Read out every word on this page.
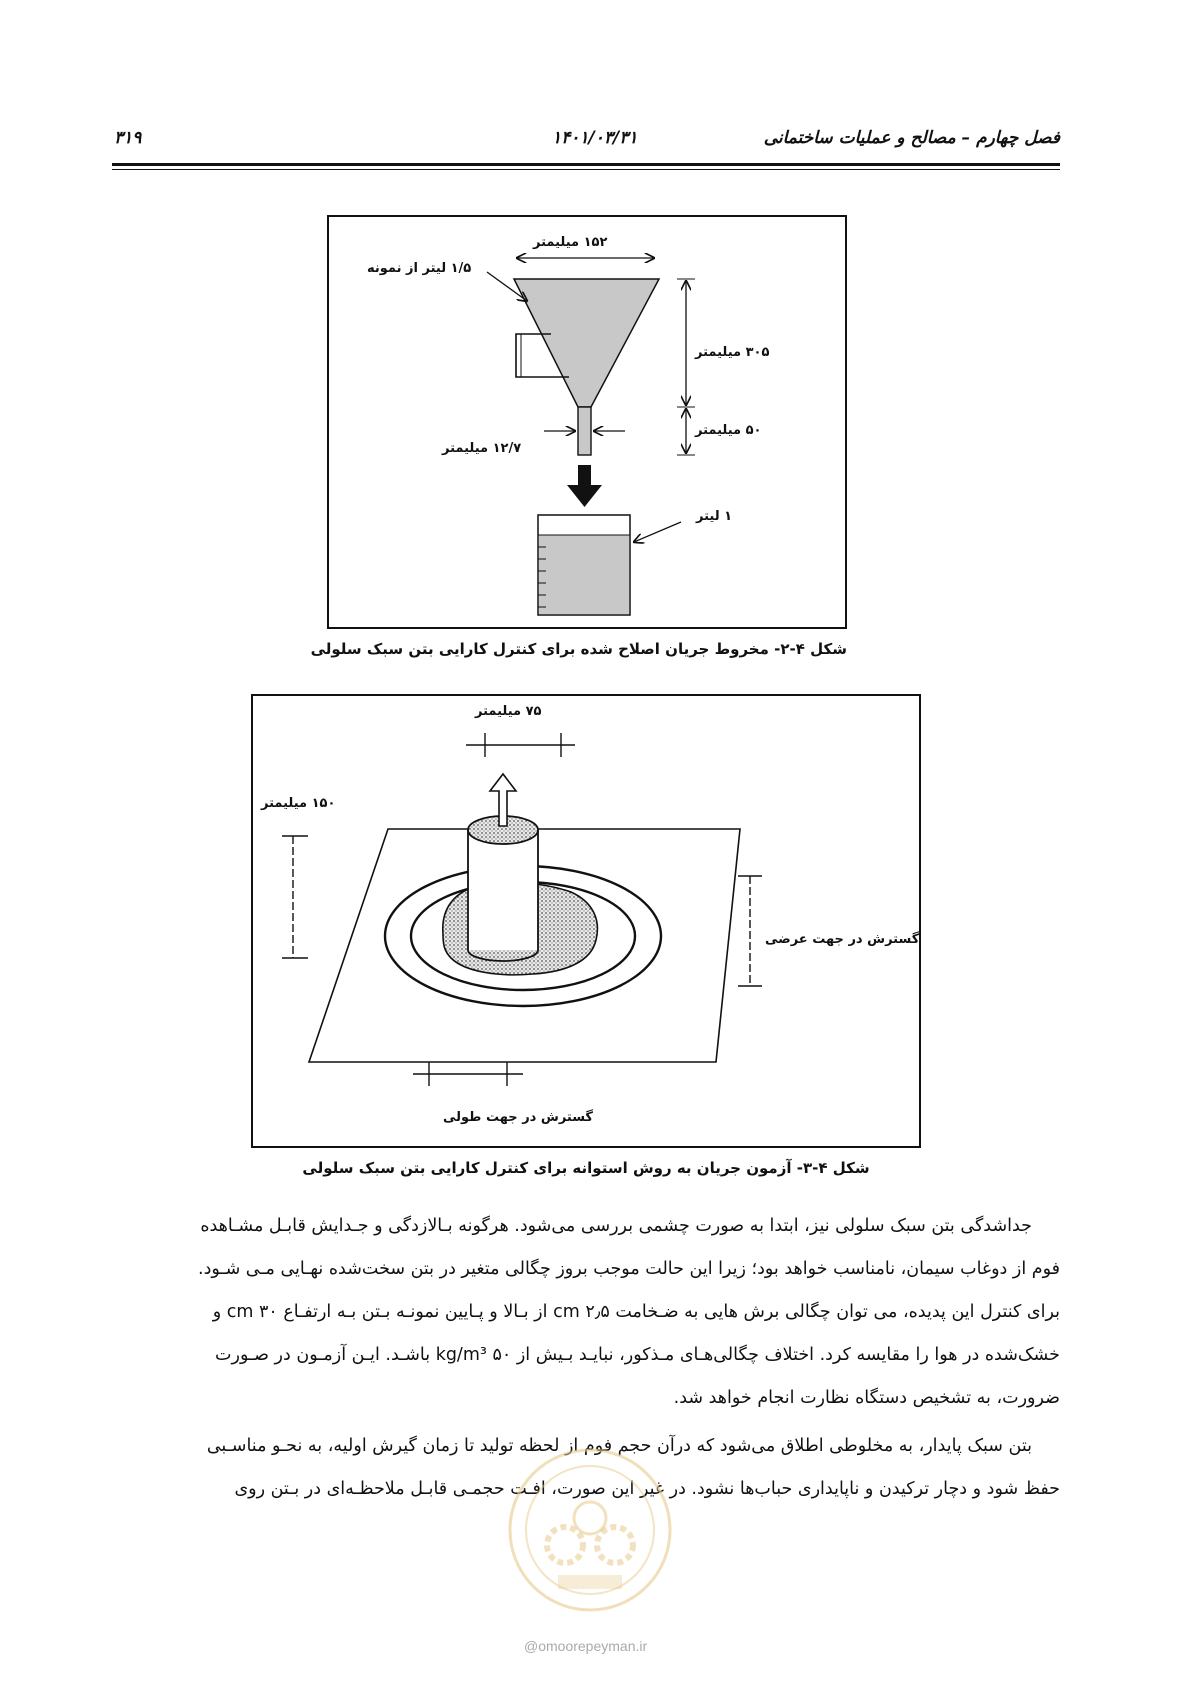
فصل چهارم – مصالح و عملیات ساختمانی
۱۴۰۱/۰۳/۳۱
۳۱۹
۱۵۲ میلیمتر
۱/۵ لیتر از نمونه
۳۰۵ میلیمتر
۵۰ میلیمتر
۱۲/۷ میلیمتر
۱ لیتر
شکل ۴-۲- مخروط جریان اصلاح شده برای کنترل کارایی بتن سبک سلولی
۷۵ میلیمتر
۱۵۰ میلیمتر
گسترش در جهت عرضی
گسترش در جهت طولی
شکل ۴-۳- آزمون جریان به روش استوانه برای کنترل کارایی بتن سبک سلولی
جداشدگی بتن سبک سلولی نیز، ابتدا به صورت چشمی بررسی می‌شود. هرگونه بـالازدگی و جـدایش قابـل مشـاهده
فوم از دوغاب سیمان، نامناسب خواهد بود؛ زیرا این حالت موجب بروز چگالی متغیر در بتن سخت‌شده نهـایی مـی شـود.
برای کنترل این پدیده، می توان چگالی برش هایی به ضـخامت ۲٫۵ cm از بـالا و پـایین نمونـه بـتن بـه ارتفـاع ۳۰ cm و
خشک‌شده در هوا را مقایسه کرد. اختلاف چگالی‌هـای مـذکور، نبایـد بـیش از ۵۰ kg/m³ باشـد. ایـن آزمـون در صـورت
ضرورت، به تشخیص دستگاه نظارت انجام خواهد شد.
بتن سبک پایدار، به مخلوطی اطلاق می‌شود که درآن حجم فوم از لحظه تولید تا زمان گیرش اولیه، به نحـو مناسـبی
حفظ شود و دچار ترکیدن و ناپایداری حباب‌ها نشود. در غیر این صورت، افـت حجمـی قابـل ملاحظـه‌ای در بـتن روی
@omoorepeyman.ir
